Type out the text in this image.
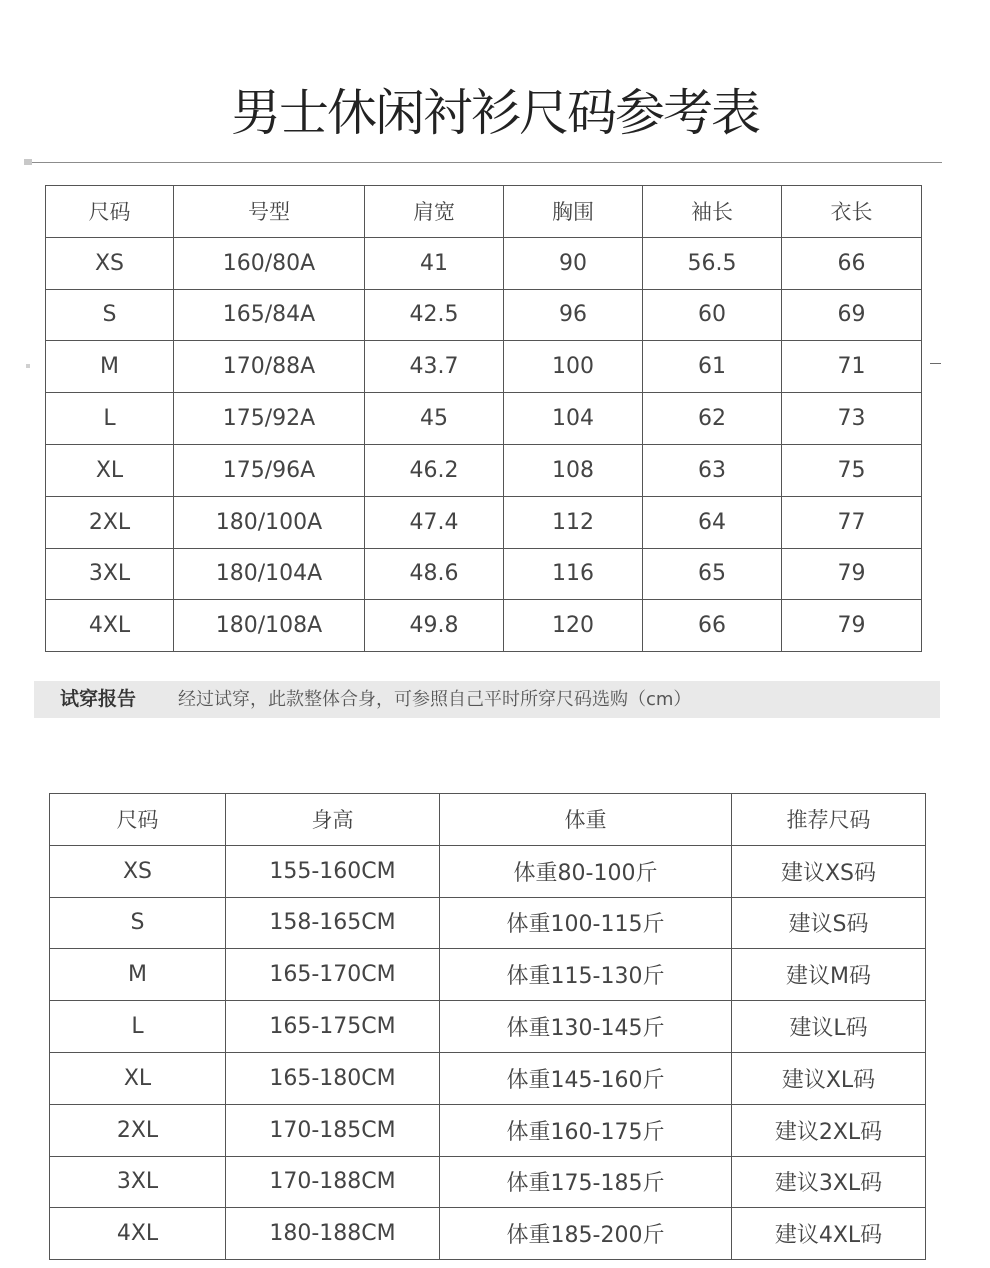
男士休闲衬衫尺码参考表
尺码	号型	肩宽	胸围	袖长	衣长
XS	160/80A	41	90	56.5	66
S	165/84A	42.5	96	60	69
M	170/88A	43.7	100	61	71
L	175/92A	45	104	62	73
XL	175/96A	46.2	108	63	75
2XL	180/100A	47.4	112	64	77
3XL	180/104A	48.6	116	65	79
4XL	180/108A	49.8	120	66	79
试穿报告 经过试穿，此款整体合身，可参照自己平时所穿尺码选购（cm）
尺码	身高	体重	推荐尺码
XS	155-160CM	体重80-100斤	建议XS码
S	158-165CM	体重100-115斤	建议S码
M	165-170CM	体重115-130斤	建议M码
L	165-175CM	体重130-145斤	建议L码
XL	165-180CM	体重145-160斤	建议XL码
2XL	170-185CM	体重160-175斤	建议2XL码
3XL	170-188CM	体重175-185斤	建议3XL码
4XL	180-188CM	体重185-200斤	建议4XL码
